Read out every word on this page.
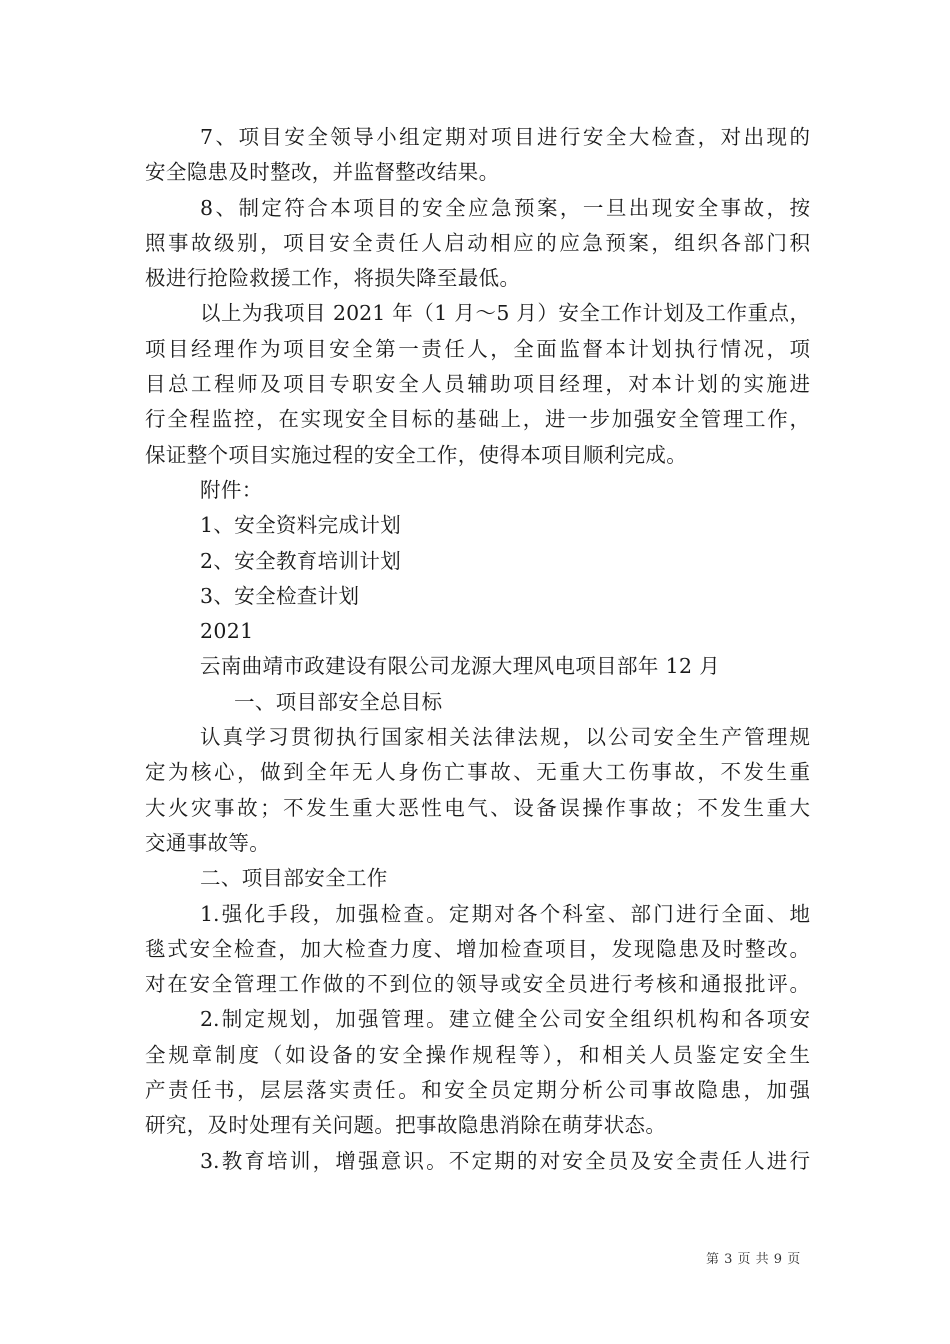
7、项目安全领导小组定期对项目进行安全大检查，对出现的
安全隐患及时整改，并监督整改结果。
8、制定符合本项目的安全应急预案，一旦出现安全事故，按
照事故级别，项目安全责任人启动相应的应急预案，组织各部门积
极进行抢险救援工作，将损失降至最低。
以上为我项目 2021 年（1 月～5 月）安全工作计划及工作重点，
项目经理作为项目安全第一责任人，全面监督本计划执行情况，项
目总工程师及项目专职安全人员辅助项目经理，对本计划的实施进
行全程监控，在实现安全目标的基础上，进一步加强安全管理工作，
保证整个项目实施过程的安全工作，使得本项目顺利完成。
附件：
1、安全资料完成计划
2、安全教育培训计划
3、安全检查计划
2021
云南曲靖市政建设有限公司龙源大理风电项目部年 12 月
一、项目部安全总目标
认真学习贯彻执行国家相关法律法规，以公司安全生产管理规
定为核心，做到全年无人身伤亡事故、无重大工伤事故，不发生重
大火灾事故；不发生重大恶性电气、设备误操作事故；不发生重大
交通事故等。
二、项目部安全工作
1.强化手段，加强检查。定期对各个科室、部门进行全面、地
毯式安全检查，加大检查力度、增加检查项目，发现隐患及时整改。
对在安全管理工作做的不到位的领导或安全员进行考核和通报批评。
2.制定规划，加强管理。建立健全公司安全组织机构和各项安
全规章制度（如设备的安全操作规程等），和相关人员鉴定安全生
产责任书，层层落实责任。和安全员定期分析公司事故隐患，加强
研究，及时处理有关问题。把事故隐患消除在萌芽状态。
3.教育培训，增强意识。不定期的对安全员及安全责任人进行
第 3 页 共 9 页
